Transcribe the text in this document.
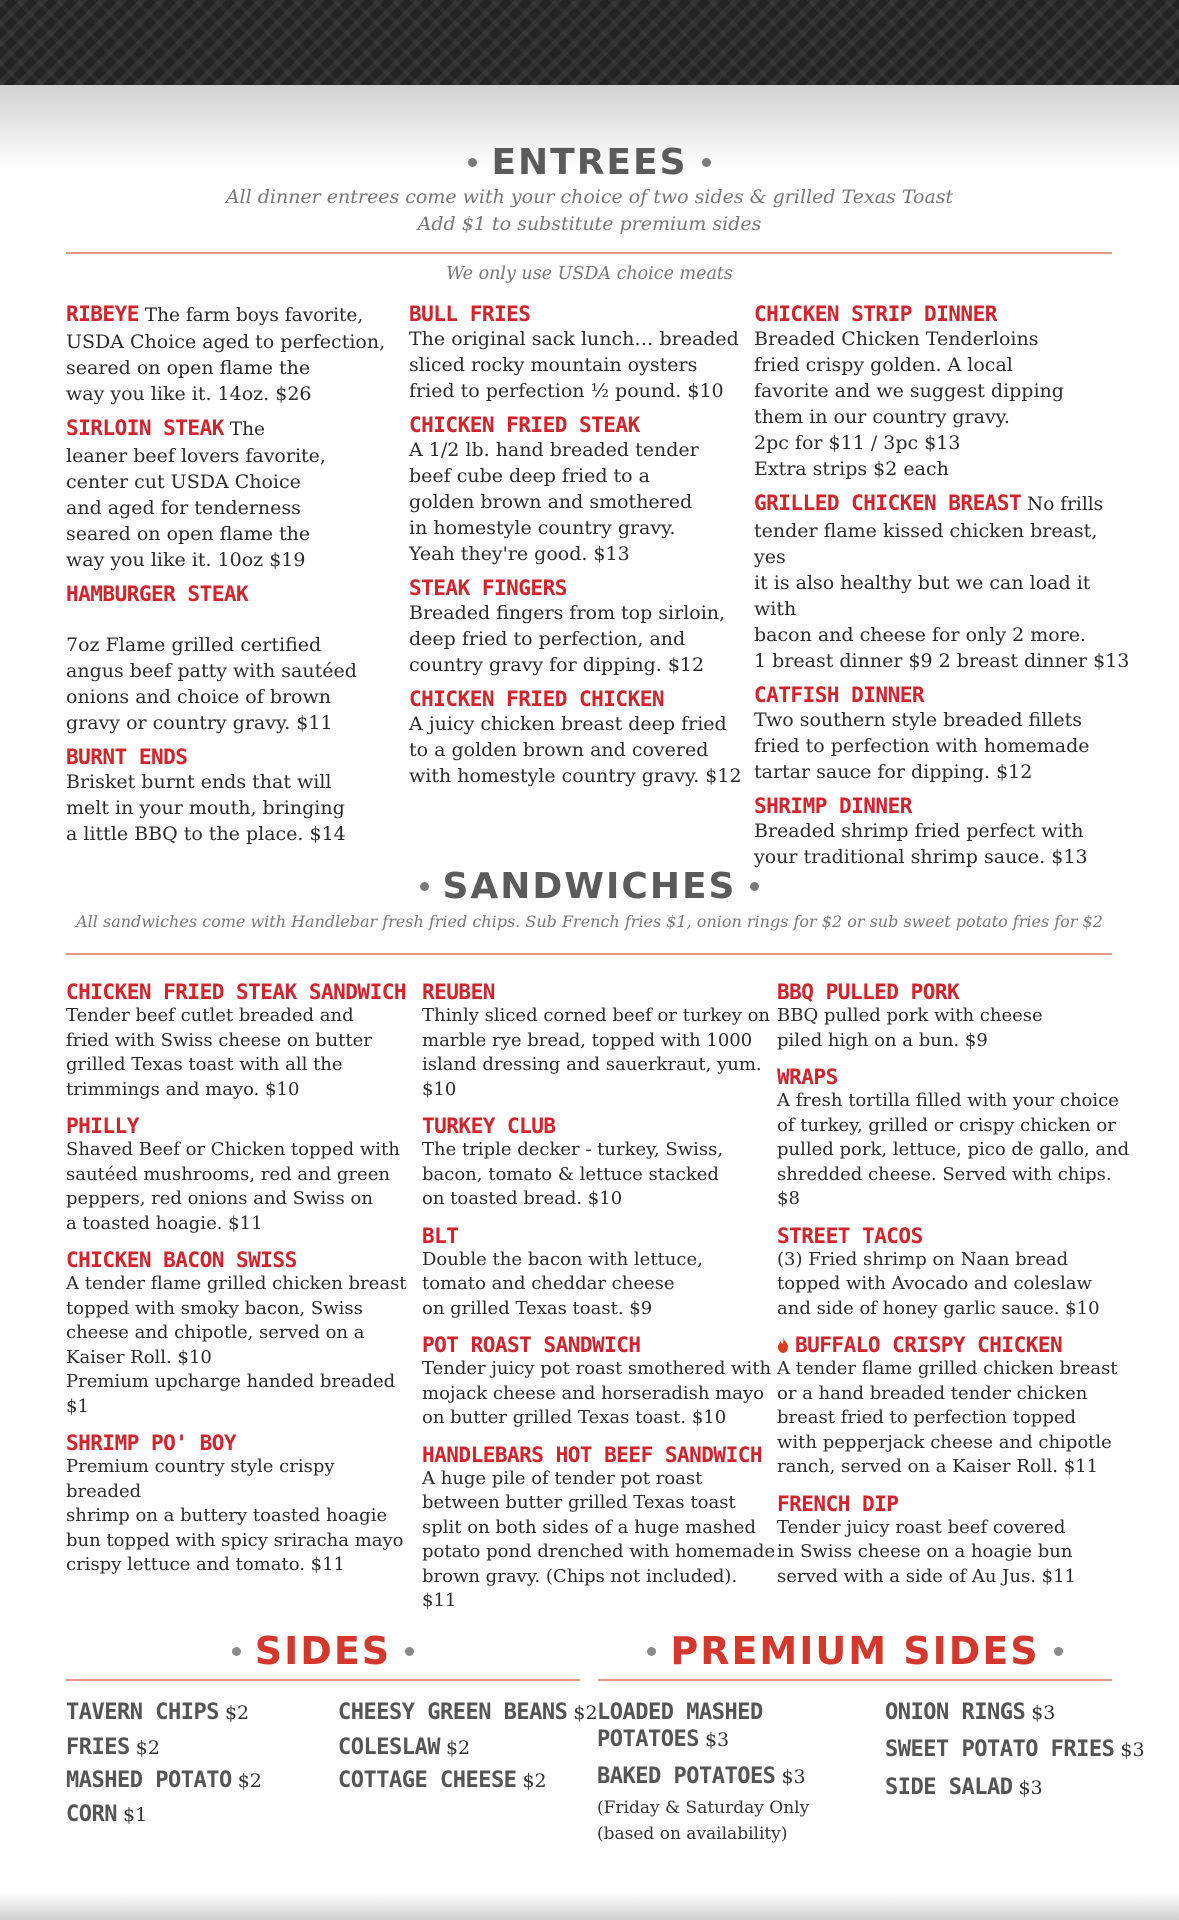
ENTREES
All dinner entrees come with your choice of two sides & grilled Texas Toast
Add $1 to substitute premium sides
We only use USDA choice meats
RIBEYE The farm boys favorite,
USDA Choice aged to perfection,
seared on open flame the
way you like it. 14oz. $26
SIRLOIN STEAK The
leaner beef lovers favorite,
center cut USDA Choice
and aged for tenderness
seared on open flame the
way you like it. 10oz $19
HAMBURGER STEAK

7oz Flame grilled certified
angus beef patty with sautéed
onions and choice of brown
gravy or country gravy. $11
BURNT ENDS
Brisket burnt ends that will
melt in your mouth, bringing
a little BBQ to the place. $14
BULL FRIES
The original sack lunch… breaded
sliced rocky mountain oysters
fried to perfection ½ pound. $10
CHICKEN FRIED STEAK
A 1/2 lb. hand breaded tender
beef cube deep fried to a
golden brown and smothered
in homestyle country gravy.
Yeah they're good. $13
STEAK FINGERS
Breaded fingers from top sirloin,
deep fried to perfection, and
country gravy for dipping. $12
CHICKEN FRIED CHICKEN
A juicy chicken breast deep fried
to a golden brown and covered
with homestyle country gravy. $12
CHICKEN STRIP DINNER
Breaded Chicken Tenderloins
fried crispy golden. A local
favorite and we suggest dipping
them in our country gravy.
2pc for $11 / 3pc $13
Extra strips $2 each
GRILLED CHICKEN BREAST No frills
tender flame kissed chicken breast, yes
it is also healthy but we can load it with
bacon and cheese for only 2 more.
1 breast dinner $9 2 breast dinner $13
CATFISH DINNER
Two southern style breaded fillets
fried to perfection with homemade
tartar sauce for dipping. $12
SHRIMP DINNER
Breaded shrimp fried perfect with
your traditional shrimp sauce. $13
SANDWICHES
All sandwiches come with Handlebar fresh fried chips. Sub French fries $1, onion rings for $2 or sub sweet potato fries for $2
CHICKEN FRIED STEAK SANDWICH
Tender beef cutlet breaded and
fried with Swiss cheese on butter
grilled Texas toast with all the
trimmings and mayo. $10
PHILLY
Shaved Beef or Chicken topped with
sautéed mushrooms, red and green
peppers, red onions and Swiss on
a toasted hoagie. $11
CHICKEN BACON SWISS
A tender flame grilled chicken breast
topped with smoky bacon, Swiss
cheese and chipotle, served on a
Kaiser Roll. $10
Premium upcharge handed breaded $1
SHRIMP PO' BOY
Premium country style crispy breaded
shrimp on a buttery toasted hoagie
bun topped with spicy sriracha mayo
crispy lettuce and tomato. $11
REUBEN
Thinly sliced corned beef or turkey on
marble rye bread, topped with 1000
island dressing and sauerkraut, yum. $10
TURKEY CLUB
The triple decker - turkey, Swiss,
bacon, tomato & lettuce stacked
on toasted bread. $10
BLT
Double the bacon with lettuce,
tomato and cheddar cheese
on grilled Texas toast. $9
POT ROAST SANDWICH
Tender juicy pot roast smothered with
mojack cheese and horseradish mayo
on butter grilled Texas toast. $10
HANDLEBARS HOT BEEF SANDWICH
A huge pile of tender pot roast
between butter grilled Texas toast
split on both sides of a huge mashed
potato pond drenched with homemade
brown gravy. (Chips not included). $11
BBQ PULLED PORK
BBQ pulled pork with cheese
piled high on a bun. $9
WRAPS
A fresh tortilla filled with your choice
of turkey, grilled or crispy chicken or
pulled pork, lettuce, pico de gallo, and
shredded cheese. Served with chips. $8
STREET TACOS
(3) Fried shrimp on Naan bread
topped with Avocado and coleslaw
and side of honey garlic sauce. $10
BUFFALO CRISPY CHICKEN
A tender flame grilled chicken breast
or a hand breaded tender chicken
breast fried to perfection topped
with pepperjack cheese and chipotle
ranch, served on a Kaiser Roll. $11
FRENCH DIP
Tender juicy roast beef covered
in Swiss cheese on a hoagie bun
served with a side of Au Jus. $11
SIDES
TAVERN CHIPS $2
FRIES $2
MASHED POTATO $2
CORN $1
CHEESY GREEN BEANS $2
COLESLAW $2
COTTAGE CHEESE $2
PREMIUM SIDES
LOADED MASHED
POTATOES $3
BAKED POTATOES $3
(Friday & Saturday Only
(based on availability)
ONION RINGS $3
SWEET POTATO FRIES $3
SIDE SALAD $3
